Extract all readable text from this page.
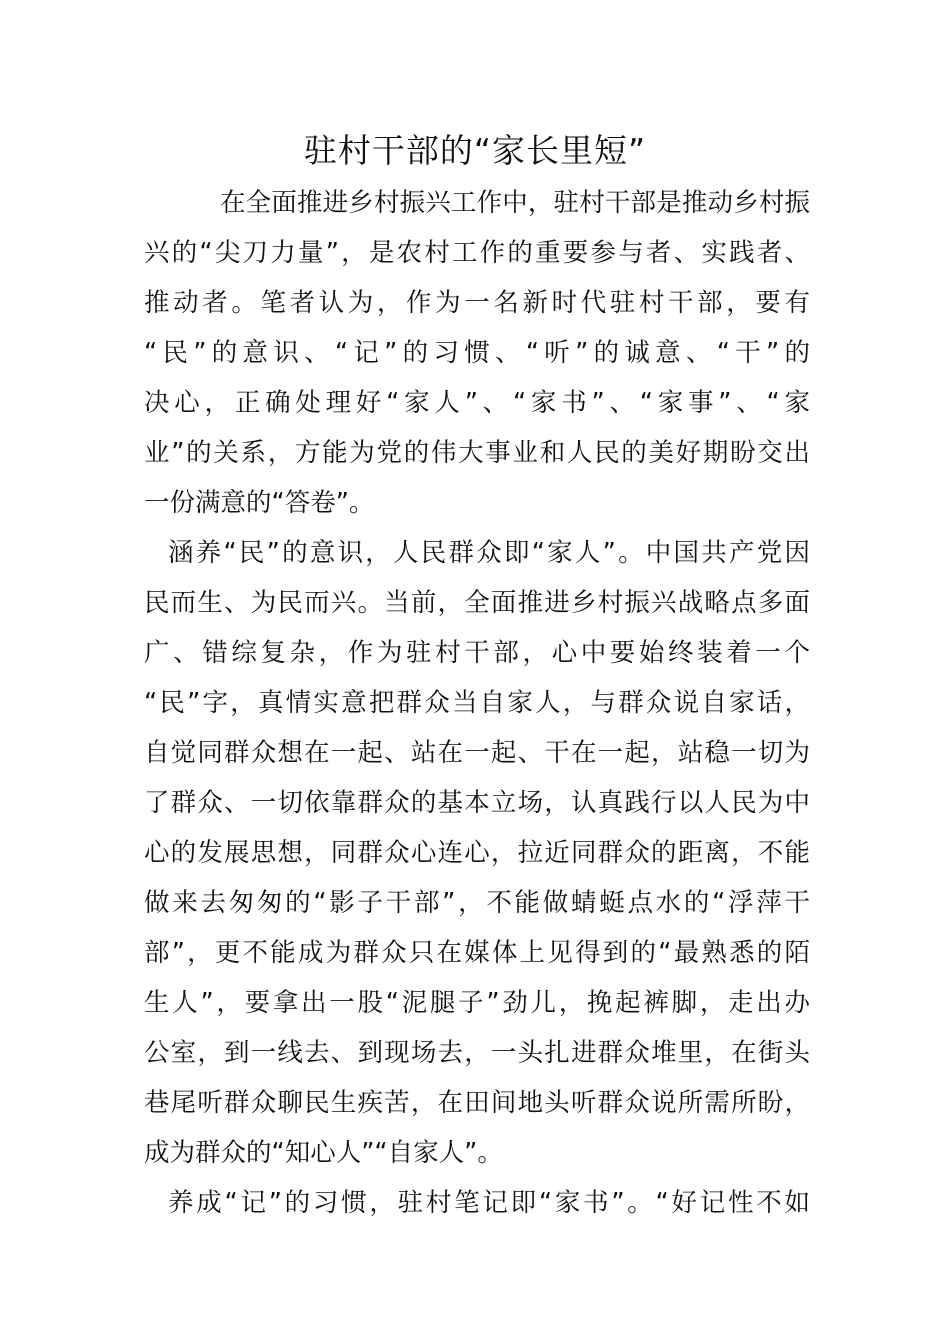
驻村干部的“家长里短”
在全面推进乡村振兴工作中，驻村干部是推动乡村振
兴的“尖刀力量”，是农村工作的重要参与者、实践者、
推动者。笔者认为，作为一名新时代驻村干部，要有
“民”的意识、“记”的习惯、“听”的诚意、“干”的
决心，正确处理好“家人”、“家书”、“家事”、“家
业”的关系，方能为党的伟大事业和人民的美好期盼交出
一份满意的“答卷”。
涵养“民”的意识，人民群众即“家人”。中国共产党因
民而生、为民而兴。当前，全面推进乡村振兴战略点多面
广、错综复杂，作为驻村干部，心中要始终装着一个
“民”字，真情实意把群众当自家人，与群众说自家话，
自觉同群众想在一起、站在一起、干在一起，站稳一切为
了群众、一切依靠群众的基本立场，认真践行以人民为中
心的发展思想，同群众心连心，拉近同群众的距离，不能
做来去匆匆的“影子干部”，不能做蜻蜓点水的“浮萍干
部”，更不能成为群众只在媒体上见得到的“最熟悉的陌
生人”，要拿出一股“泥腿子”劲儿，挽起裤脚，走出办
公室，到一线去、到现场去，一头扎进群众堆里，在街头
巷尾听群众聊民生疾苦，在田间地头听群众说所需所盼，
成为群众的“知心人”“自家人”。
养成“记”的习惯，驻村笔记即“家书”。“好记性不如
